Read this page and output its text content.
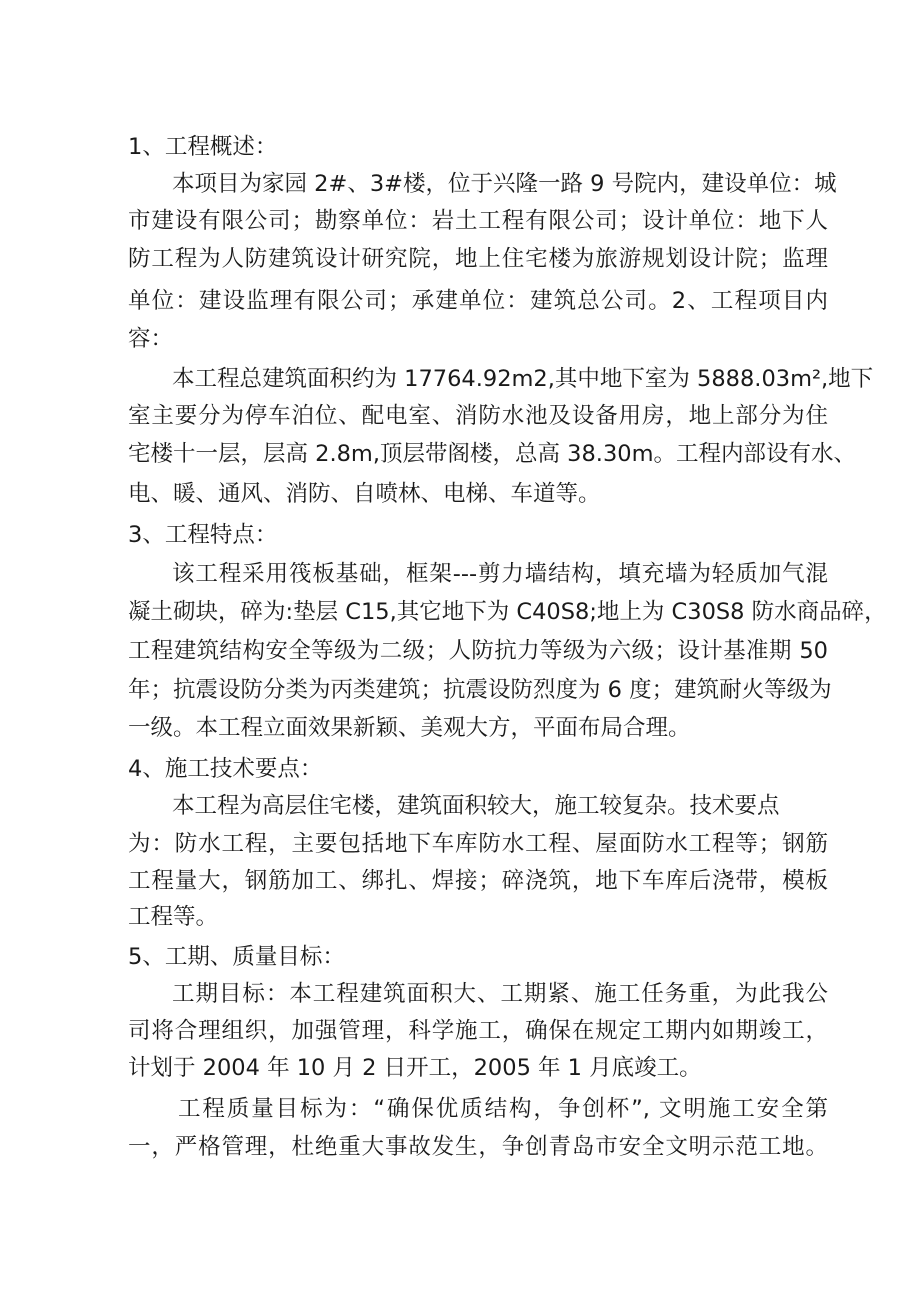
1、工程概述：
本项目为家园 2#、3#楼，位于兴隆一路 9 号院内，建设单位：城
市建设有限公司；勘察单位：岩土工程有限公司；设计单位：地下人
防工程为人防建筑设计研究院，地上住宅楼为旅游规划设计院；监理
单位：建设监理有限公司；承建单位：建筑总公司。2、工程项目内
容：
本工程总建筑面积约为 17764.92m2,其中地下室为 5888.03m²,地下
室主要分为停车泊位、配电室、消防水池及设备用房，地上部分为住
宅楼十一层，层高 2.8m,顶层带阁楼，总高 38.30m。工程内部设有水、
电、暖、通风、消防、自喷林、电梯、车道等。
3、工程特点：
该工程采用筏板基础，框架---剪力墙结构，填充墙为轻质加气混
凝土砌块，碎为:垫层 C15,其它地下为 C40S8;地上为 C30S8 防水商品碎，
工程建筑结构安全等级为二级；人防抗力等级为六级；设计基准期 50
年；抗震设防分类为丙类建筑；抗震设防烈度为 6 度；建筑耐火等级为
一级。本工程立面效果新颖、美观大方，平面布局合理。
4、施工技术要点：
本工程为高层住宅楼，建筑面积较大，施工较复杂。技术要点
为：防水工程，主要包括地下车库防水工程、屋面防水工程等；钢筋
工程量大，钢筋加工、绑扎、焊接；碎浇筑，地下车库后浇带，模板
工程等。
5、工期、质量目标：
工期目标：本工程建筑面积大、工期紧、施工任务重，为此我公
司将合理组织，加强管理，科学施工，确保在规定工期内如期竣工，
计划于 2004 年 10 月 2 日开工，2005 年 1 月底竣工。
工程质量目标为：“确保优质结构，争创杯”, 文明施工安全第
一，严格管理，杜绝重大事故发生，争创青岛市安全文明示范工地。
